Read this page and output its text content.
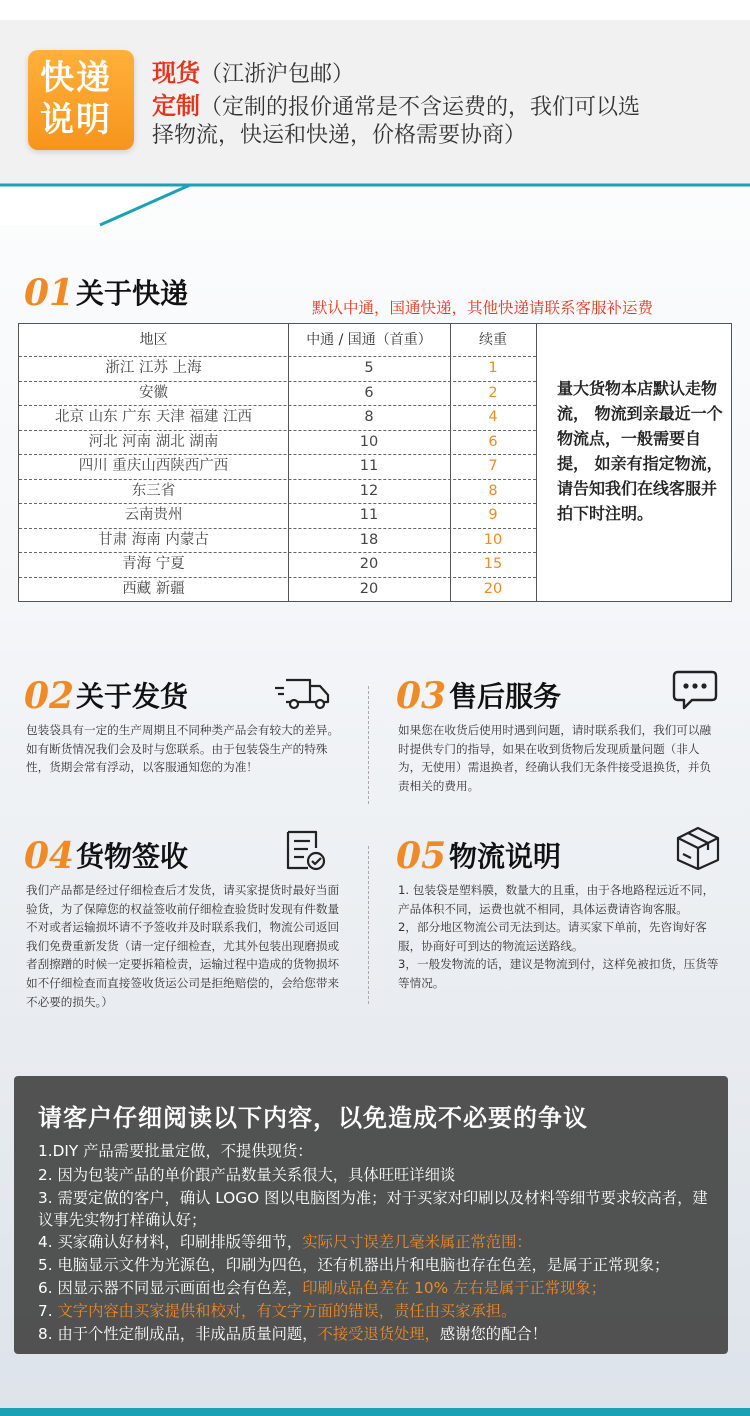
快递
说明
现货（江浙沪包邮）
定制（定制的报价通常是不含运费的，我们可以选
择物流，快运和快递，价格需要协商）
01 关于快递	默认中通，国通快递，其他快递请联系客服补运费
地区	中通 / 国通（首重）	续重
浙江 江苏 上海	5	1
安徽	6	2
北京 山东 广东 天津 福建 江西	8	4
河北 河南 湖北 湖南	10	6
四川 重庆山西陕西广西	11	7
东三省	12	8
云南贵州	11	9
甘肃 海南 内蒙古	18	10
青海 宁夏	20	15
西藏 新疆	20	20
量大货物本店默认走物流， 物流到亲最近一个物流点，一般需要自提， 如亲有指定物流， 请告知我们在线客服并拍下时注明。
02 关于发货
包装袋具有一定的生产周期且不同种类产品会有较大的差异。如有断货情况我们会及时与您联系。由于包装袋生产的特殊性，货期会常有浮动，以客服通知您的为准！
03 售后服务
如果您在收货后使用时遇到问题，请时联系我们，我们可以融时提供专门的指导，如果在收到货物后发现质量问题（非人为，无使用）需退换者，经确认我们无条件接受退换货，并负责相关的费用。
04 货物签收
我们产品都是经过仔细检查后才发货，请买家提货时最好当面验货，为了保障您的权益签收前仔细检查验货时发现有件数量不对或者运输损坏请不予签收并及时联系我们，物流公司返回我们免费重新发货（请一定仔细检查，尤其外包装出现磨损或者刮擦蹭的时候一定要拆箱检责，运输过程中造成的货物损坏如不仔细检查而直接签收货运公司是拒绝赔偿的，会给您带来不必要的损失。）
05 物流说明
1. 包装袋是塑料膜，数量大的且重，由于各地路程远近不同，产品体积不同，运费也就不相同，具体运费请咨询客服。
2，部分地区物流公司无法到达。请买家下单前，先咨询好客服，协商好可到达的物流运送路线。
3，一般发物流的话，建议是物流到付，这样免被扣货，压货等等情况。
请客户仔细阅读以下内容，以免造成不必要的争议
1.DIY 产品需要批量定做，不提供现货：
2. 因为包装产品的单价跟产品数量关系很大，具体旺旺详细谈
3. 需要定做的客户，确认 LOGO 图以电脑图为准；对于买家对印刷以及材料等细节要求较高者，建议事先实物打样确认好；
4. 买家确认好材料，印刷排版等细节，实际尺寸误差几毫米属正常范围：
5. 电脑显示文件为光源色，印刷为四色，还有机器出片和电脑也存在色差，是属于正常现象；
6. 因显示器不同显示画面也会有色差，印刷成品色差在 10% 左右是属于正常现象；
7. 文字内容由买家提供和校对，有文字方面的错误，责任由买家承担。
8. 由于个性定制成品，非成品质量问题，不接受退货处理，感谢您的配合！
